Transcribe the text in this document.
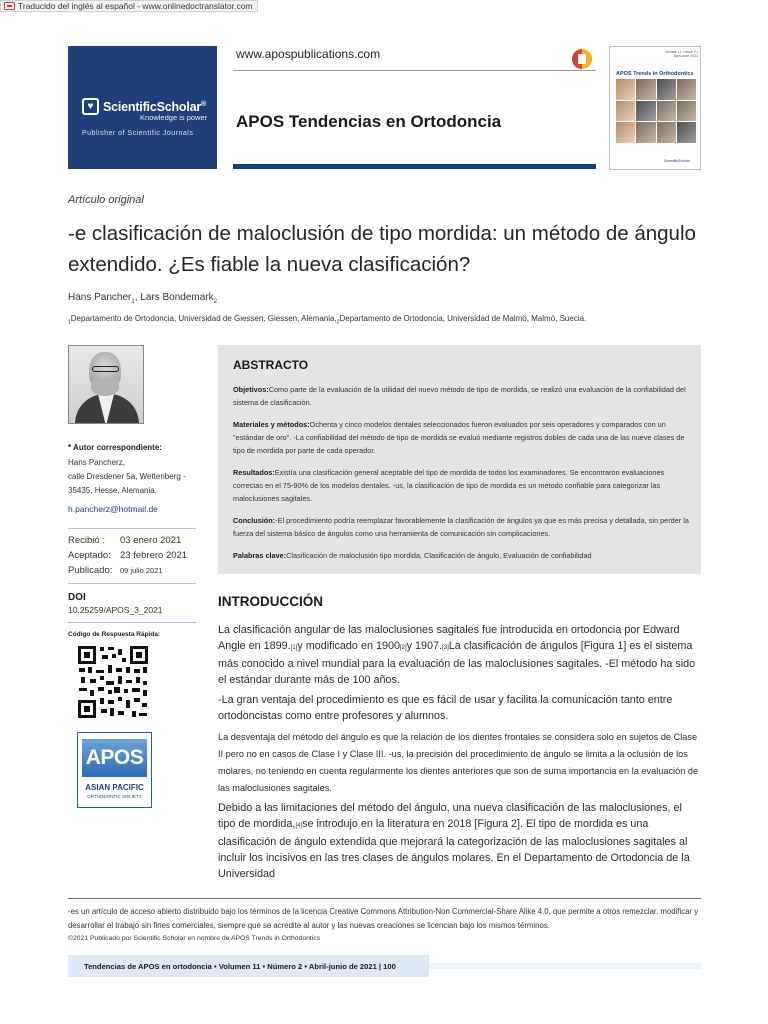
Traducido del inglés al español - www.onlinedoctranslator.com
♥ ScientificScholar®
Knowledge is power
Publisher of Scientific Journals
www.apospublications.com
APOS Tendencias en Ortodoncia
Volume 11 • Issue 2 • April-June 2021
APOS Trends in Orthodontics
ScientificScholar
Artículo original
-e clasificación de maloclusión de tipo mordida: un método de ángulo extendido. ¿Es fiable la nueva clasificación?
Hans Pancher$_1$, Lars Bondemark$_2$
$_1$Departamento de Ortodoncia, Universidad de Giessen, Giessen, $Alemania,_2Departamento$ de Ortodoncia, Universidad de Malmö, Malmö, Suecia.
* Autor correspondiente:
Hans Pancherz,
calle Dresdener 5a, Wettenberg - 35435, Hesse, Alemania.
h.pancherz@hotmail.de
Recibió :	03 enero 2021
Aceptado: 23 febrero 2021
Publicado:	09 julio 2021
DOI
10.25259/APOS_3_2021
Código de Respuesta Rápida:
APOS
ASIAN PACIFIC
ORTHODONTIC SOCIETY
ABSTRACTO
Objetivos:Como parte de la evaluación de la utilidad del nuevo método de tipo de mordida, se realizó una evaluación de la confiabilidad del sistema de clasificación.
Materiales y métodos:Ochenta y cinco modelos dentales seleccionados fueron evaluados por seis operadores y comparados con un "estándar de oro". -La confiabilidad del método de tipo de mordida se evaluó mediante registros dobles de cada una de las nueve clases de tipo de mordida por parte de cada operador.
Resultados:Existía una clasificación general aceptable del tipo de mordida de todos los examinadores. Se encontraron evaluaciones correctas en el 75-90% de los modelos dentales. -us, la clasificación de tipo de mordida es un método confiable para categorizar las maloclusiones sagitales.
Conclusión:-El procedimiento podría reemplazar favorablemente la clasificación de ángulos ya que es más precisa y detallada, sin perder la fuerza del sistema básico de ángulos como una herramienta de comunicación sin complicaciones.
Palabras clave:Clasificación de maloclusión tipo mordida, Clasificación de ángulo, Evaluación de confiabilidad
INTRODUCCIÓN
La clasificación angular de las maloclusiones sagitales fue introducida en ortodoncia por Edward Angle en 1899.[1]y modificado en 1900[2]y 1907.[3]La clasificación de ángulos [Figura 1] es el sistema más conocido a nivel mundial para la evaluación de las maloclusiones sagitales. -El método ha sido el estándar durante más de 100 años.
-La gran ventaja del procedimiento es que es fácil de usar y facilita la comunicación tanto entre ortodoncistas como entre profesores y alumnos.
La desventaja del método del ángulo es que la relación de los dientes frontales se considera solo en sujetos de Clase II pero no en casos de Clase I y Clase III. -us, la precisión del procedimiento de ángulo se limita a la oclusión de los molares, no teniendo en cuenta regularmente los dientes anteriores que son de suma importancia en la evaluación de las maloclusiones sagitales.
Debido a las limitaciones del método del ángulo, una nueva clasificación de las maloclusiones, el tipo de mordida,[4]se introdujo en la literatura en 2018 [Figura 2]. El tipo de mordida es una clasificación de ángulo extendida que mejorará la categorización de las maloclusiones sagitales al incluir los incisivos en las tres clases de ángulos molares. En el Departamento de Ortodoncia de la Universidad
-es un artículo de acceso abierto distribuido bajo los términos de la licencia Creative Commons Attribution-Non Commercial-Share Alike 4.0, que permite a otros remezclar, modificar y desarrollar el trabajo sin fines comerciales, siempre que se acredite al autor y las nuevas creaciones se licencian bajo los mismos términos.
©2021 Publicado por Scientific Scholar en nombre de APOS Trends in Orthodontics
Tendencias de APOS en ortodoncia • Volumen 11 • Número 2 • Abril-junio de 2021 | 100
